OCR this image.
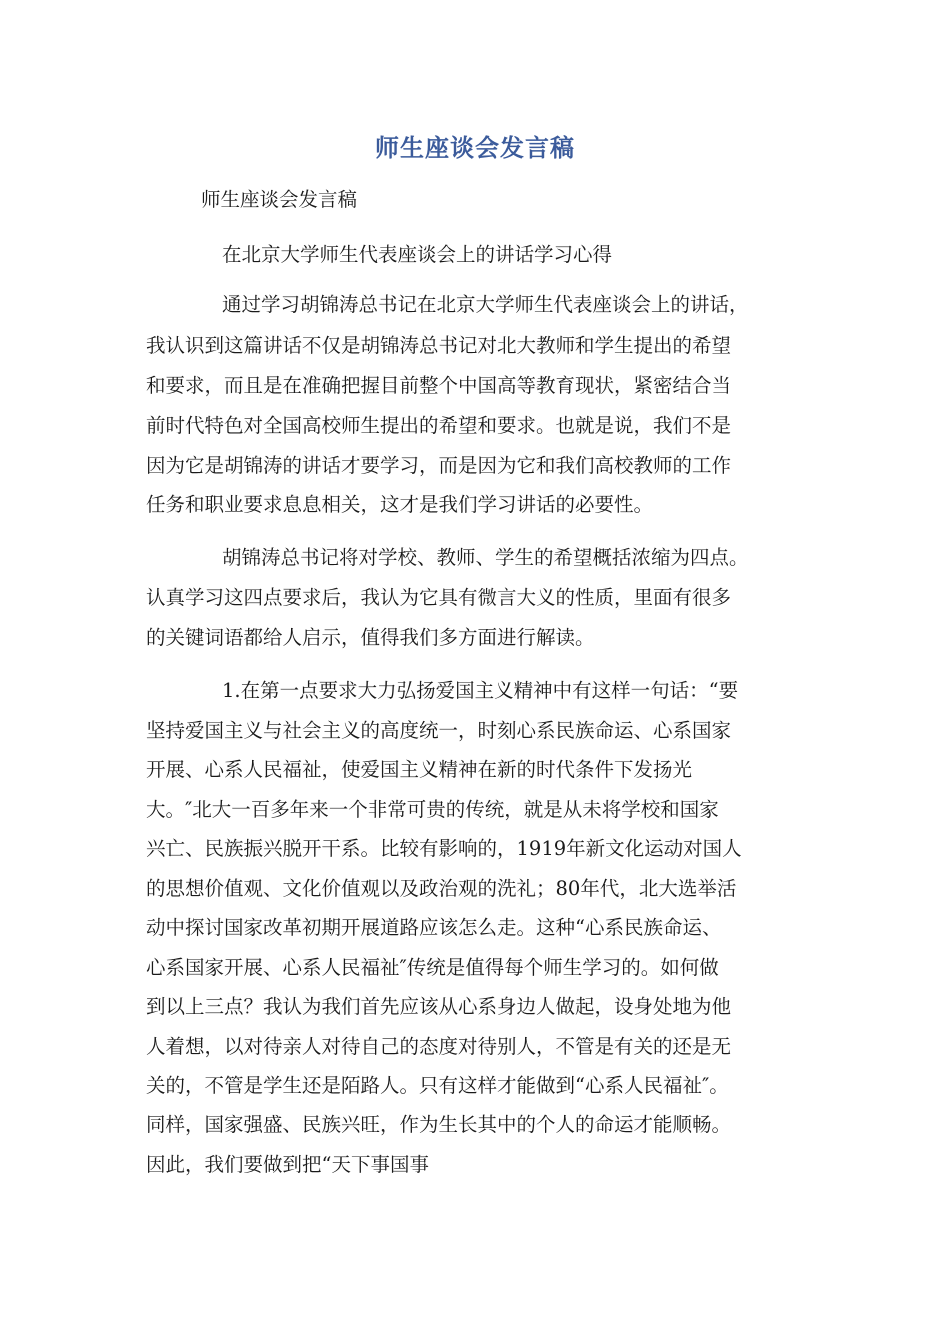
师生座谈会发言稿

师生座谈会发言稿

在北京大学师生代表座谈会上的讲话学习心得

通过学习胡锦涛总书记在北京大学师生代表座谈会上的讲话，

我认识到这篇讲话不仅是胡锦涛总书记对北大教师和学生提出的希望

和要求，而且是在准确把握目前整个中国高等教育现状，紧密结合当

前时代特色对全国高校师生提出的希望和要求。也就是说，我们不是

因为它是胡锦涛的讲话才要学习，而是因为它和我们高校教师的工作

任务和职业要求息息相关，这才是我们学习讲话的必要性。

胡锦涛总书记将对学校、教师、学生的希望概括浓缩为四点。

认真学习这四点要求后，我认为它具有微言大义的性质，里面有很多

的关键词语都给人启示，值得我们多方面进行解读。

1.在第一点要求大力弘扬爱国主义精神中有这样一句话：“要

坚持爱国主义与社会主义的高度统一，时刻心系民族命运、心系国家

开展、心系人民福祉，使爱国主义精神在新的时代条件下发扬光

大。″北大一百多年来一个非常可贵的传统，就是从未将学校和国家

兴亡、民族振兴脱开干系。比较有影响的，1919年新文化运动对国人

的思想价值观、文化价值观以及政治观的洗礼；80年代，北大选举活

动中探讨国家改革初期开展道路应该怎么走。这种“心系民族命运、

心系国家开展、心系人民福祉″传统是值得每个师生学习的。如何做

到以上三点？我认为我们首先应该从心系身边人做起，设身处地为他

人着想，以对待亲人对待自己的态度对待别人，不管是有关的还是无

关的，不管是学生还是陌路人。只有这样才能做到“心系人民福祉″。

同样，国家强盛、民族兴旺，作为生长其中的个人的命运才能顺畅。

因此，我们要做到把“天下事国事
